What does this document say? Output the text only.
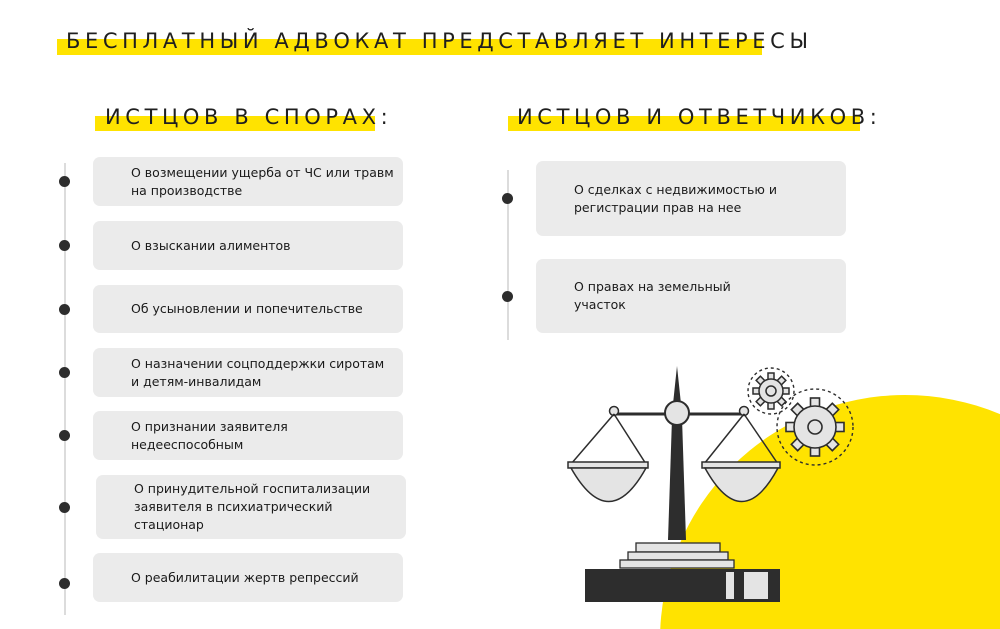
БЕСПЛАТНЫЙ АДВОКАТ ПРЕДСТАВЛЯЕТ ИНТЕРЕСЫ
ИСТЦОВ В СПОРАХ:	ИСТЦОВ И ОТВЕТЧИКОВ:
О возмещении ущерба от ЧС или травм
на производстве
О взыскании алиментов
Об усыновлении и попечительстве
О назначении соцподдержки сиротам
и детям-инвалидам
О признании заявителя
недееспособным
О принудительной госпитализации
заявителя в психиатрический
стационар
О реабилитации жертв репрессий
О сделках с недвижимостью и
регистрации прав на нее
О правах на земельный
участок
